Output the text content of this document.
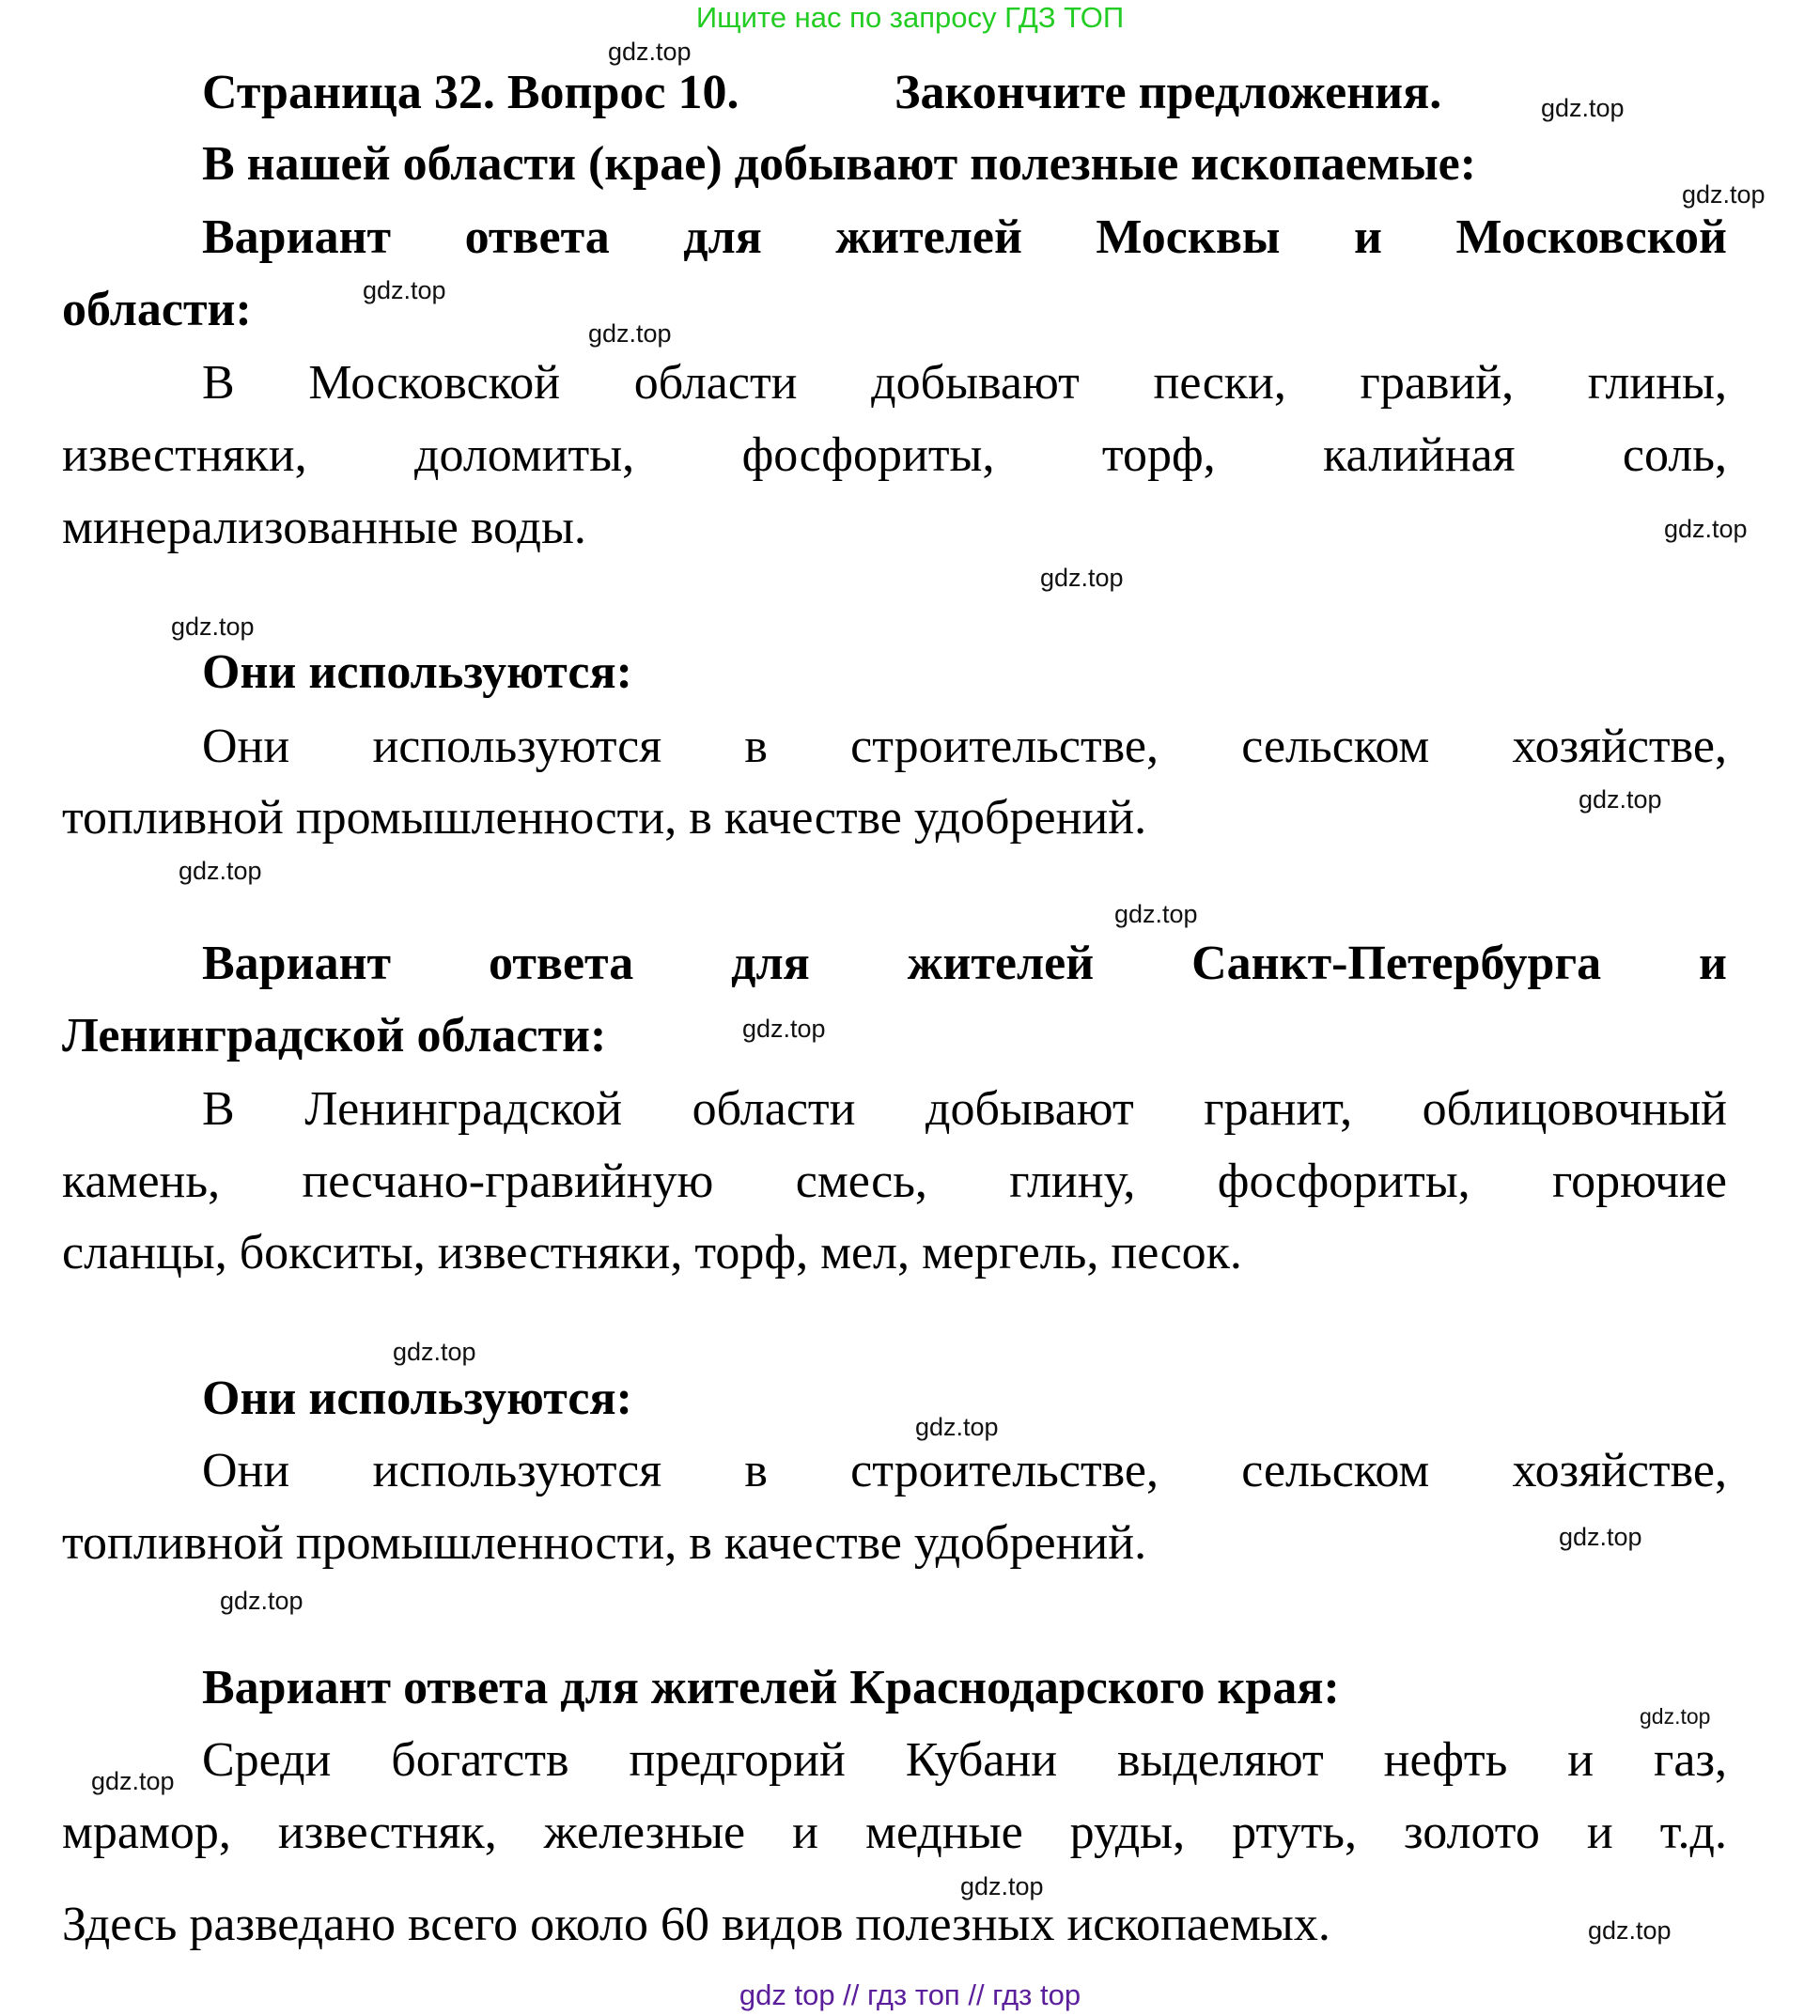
Ищите нас по запросу ГДЗ ТОП
Страница 32. Вопрос 10.	Закончите предложения.
В нашей области (крае) добывают полезные ископаемые:
Вариант ответа для жителей Москвы и Московской
области:
В Московской области добывают пески, гравий, глины,
известняки, доломиты, фосфориты, торф, калийная соль,
минерализованные воды.
Они используются:
Они используются в строительстве, сельском хозяйстве,
топливной промышленности, в качестве удобрений.
Вариант ответа для жителей Санкт-Петербурга и
Ленинградской области:
В Ленинградской области добывают гранит, облицовочный
камень, песчано-гравийную смесь, глину, фосфориты, горючие
сланцы, бокситы, известняки, торф, мел, мергель, песок.
Они используются:
Они используются в строительстве, сельском хозяйстве,
топливной промышленности, в качестве удобрений.
Вариант ответа для жителей Краснодарского края:
Среди богатств предгорий Кубани выделяют нефть и газ,
мрамор, известняк, железные и медные руды, ртуть, золото и т.д.
Здесь разведано всего около 60 видов полезных ископаемых.
gdz.top
gdz.top
gdz.top
gdz.top
gdz.top
gdz.top
gdz.top
gdz.top
gdz.top
gdz.top
gdz.top
gdz.top
gdz.top
gdz.top
gdz.top
gdz.top
gdz.top
gdz.top
gdz.top
gdz.top
gdz top // гдз топ // гдз top
